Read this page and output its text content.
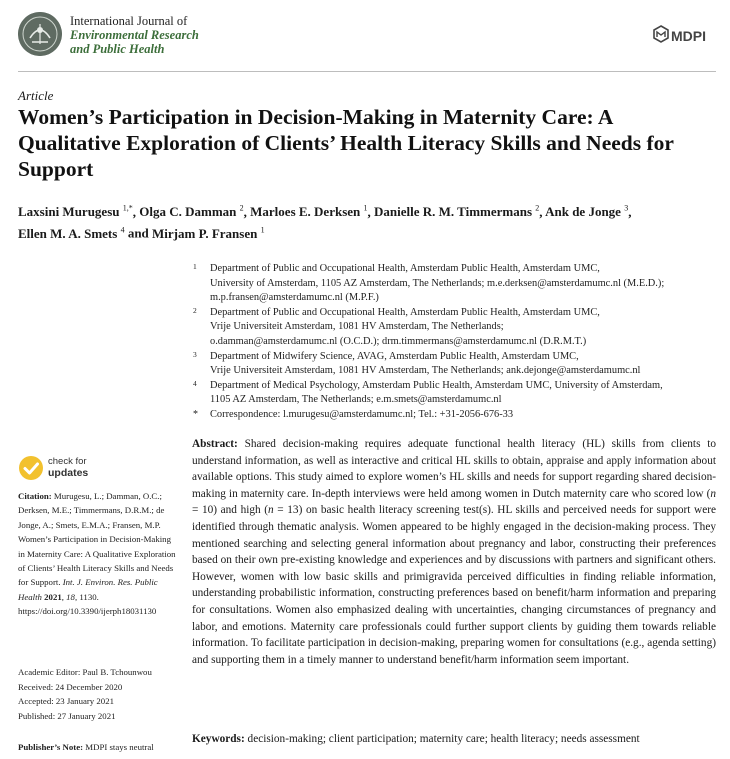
International Journal of
Environmental Research
and Public Health
MDPI
Article
Women’s Participation in Decision-Making in Maternity Care: A Qualitative Exploration of Clients’ Health Literacy Skills and Needs for Support
Laxsini Murugesu $^{1,*}$, Olga C. Damman $^2$, Marloes E. Derksen $^1$, Danielle R. M. Timmermans $^2$, Ank de Jonge $^3$,
Ellen M. A. Smets $^4$ and Mirjam P. Fransen $^1$
1 Department of Public and Occupational Health, Amsterdam Public Health, Amsterdam UMC,
University of Amsterdam, 1105 AZ Amsterdam, The Netherlands; m.e.derksen@amsterdamumc.nl (M.E.D.);
m.p.fransen@amsterdamumc.nl (M.P.F.)
2 Department of Public and Occupational Health, Amsterdam Public Health, Amsterdam UMC,
Vrije Universiteit Amsterdam, 1081 HV Amsterdam, The Netherlands;
o.damman@amsterdamumc.nl (O.C.D.); drm.timmermans@amsterdamumc.nl (D.R.M.T.)
3 Department of Midwifery Science, AVAG, Amsterdam Public Health, Amsterdam UMC,
Vrije Universiteit Amsterdam, 1081 HV Amsterdam, The Netherlands; ank.dejonge@amsterdamumc.nl
4 Department of Medical Psychology, Amsterdam Public Health, Amsterdam UMC, University of Amsterdam,
1105 AZ Amsterdam, The Netherlands; e.m.smets@amsterdamumc.nl
* Correspondence: l.murugesu@amsterdamumc.nl; Tel.: +31-2056-676-33
check for
updates
Citation: Murugesu, L.; Damman, O.C.; Derksen, M.E.; Timmermans, D.R.M.; de Jonge, A.; Smets, E.M.A.; Fransen, M.P. Women’s Participation in Decision-Making in Maternity Care: A Qualitative Exploration of Clients’ Health Literacy Skills and Needs for Support. Int. J. Environ. Res. Public Health 2021, 18, 1130. https://doi.org/10.3390/ijerph18031130
Academic Editor: Paul B. Tchounwou
Received: 24 December 2020
Accepted: 23 January 2021
Published: 27 January 2021
Publisher’s Note: MDPI stays neutral
Abstract: Shared decision-making requires adequate functional health literacy (HL) skills from clients to understand information, as well as interactive and critical HL skills to obtain, appraise and apply information about available options. This study aimed to explore women’s HL skills and needs for support regarding shared decision-making in maternity care. In-depth interviews were held among women in Dutch maternity care who scored low (n = 10) and high (n = 13) on basic health literacy screening test(s). HL skills and perceived needs for support were identified through thematic analysis. Women appeared to be highly engaged in the decision-making process. They mentioned searching and selecting general information about pregnancy and labor, constructing their preferences based on their own pre-existing knowledge and experiences and by discussions with partners and significant others. However, women with low basic skills and primigravida perceived difficulties in finding reliable information, understanding probabilistic information, constructing preferences based on benefit/harm information and preparing for consultations. Women also emphasized dealing with uncertainties, changing circumstances of pregnancy and labor, and emotions. Maternity care professionals could further support clients by guiding them towards reliable information. To facilitate participation in decision-making, preparing women for consultations (e.g., agenda setting) and supporting them in a timely manner to understand benefit/harm information seem important.
Keywords: decision-making; client participation; maternity care; health literacy; needs assessment
